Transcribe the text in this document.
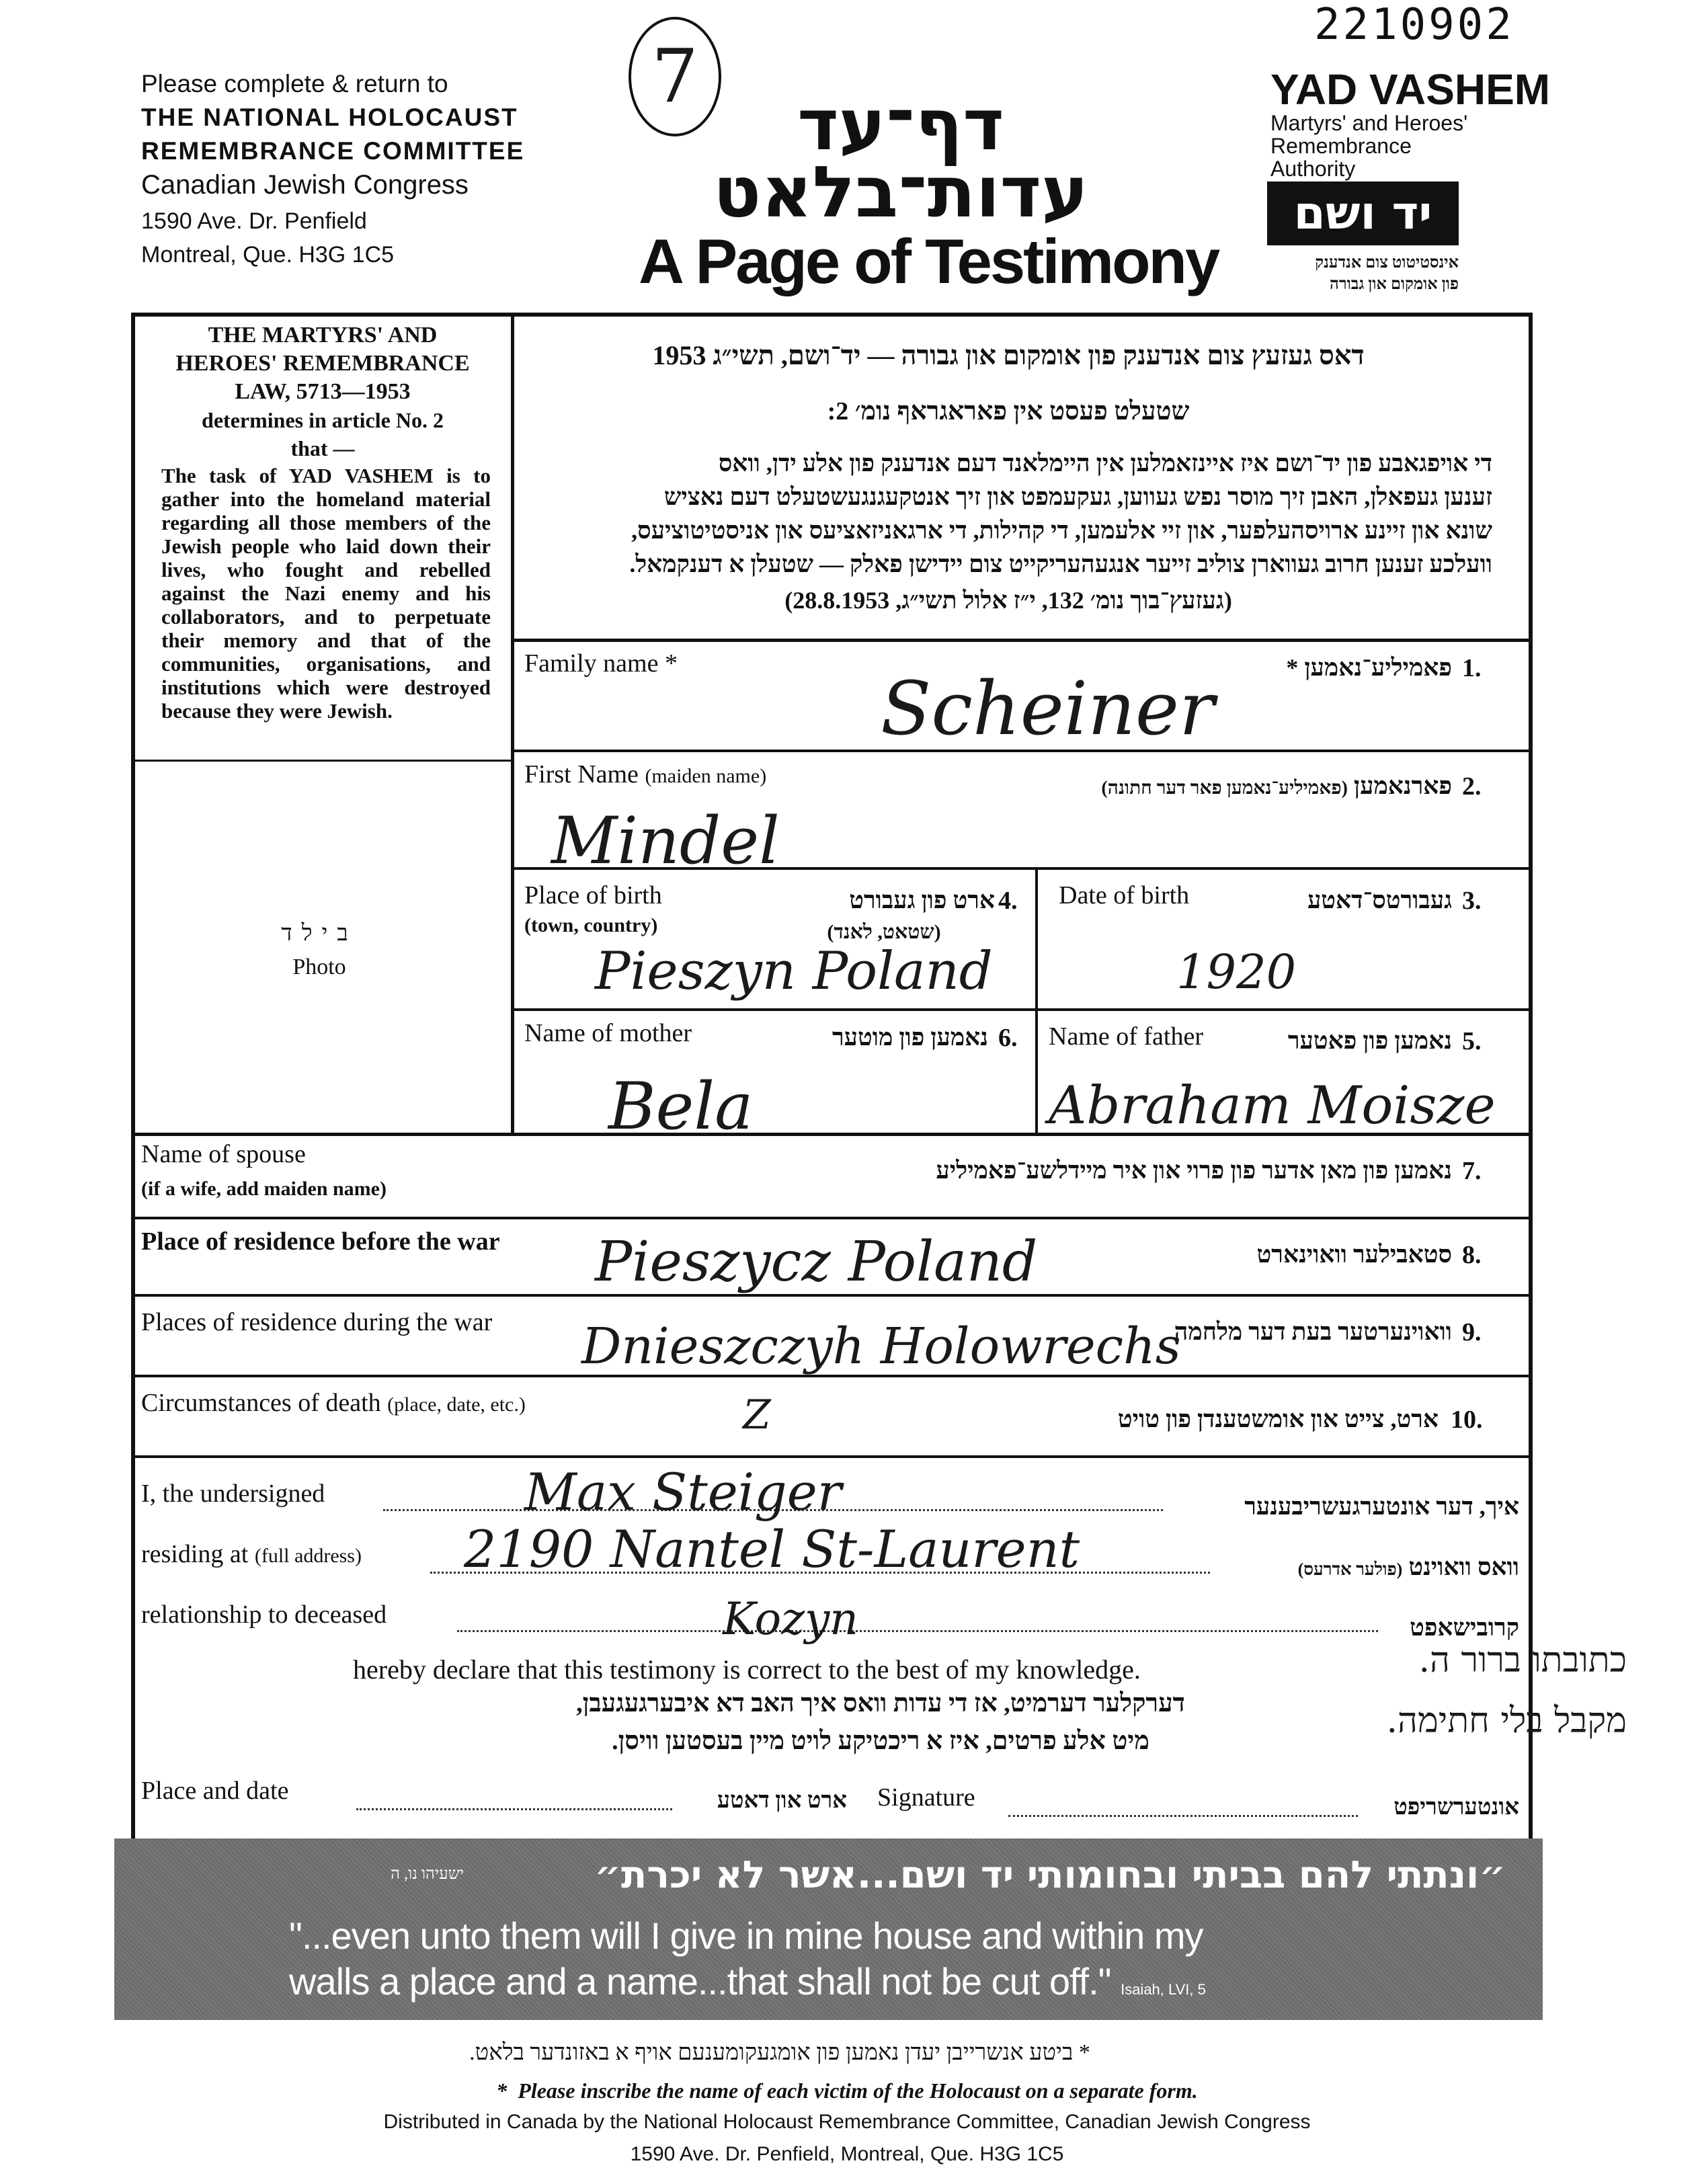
2210902
7
Please complete & return to
THE NATIONAL HOLOCAUST
REMEMBRANCE COMMITTEE
Canadian Jewish Congress
1590 Ave. Dr. Penfield
Montreal, Que. H3G 1C5
דף־עד
עדות־בלאט
A Page of Testimony
YAD VASHEM
Martyrs' and Heroes'
Remembrance
Authority
יד ושם
אינסטיטוט צום אנדענק
פון אומקום און גבורה
THE MARTYRS' AND
HEROES' REMEMBRANCE
LAW, 5713—1953
determines in article No. 2
that —
The task of YAD VASHEM is to gather into the homeland material regarding all those members of the Jewish people who laid down their lives, who fought and rebelled against the Nazi enemy and his collaborators, and to perpetuate their memory and that of the communities, organisations, and institutions which were destroyed because they were Jewish.
בילד
Photo
דאס געזעץ צום אנדענק פון אומקום און גבורה — יד־ושם, תשי״ג 1953
שטעלט פעסט אין פאראגראף נומ׳ 2:
די אויפגאבע פון יד־ושם איז איינזאמלען אין היימלאנד דעם אנדענק פון אלע ידן, וואס
זענען געפאלן, האבן זיך מוסר נפש געווען, געקעמפט און זיך אנטקעגנגעשטעלט דעם נאציש
שונא און זיינע ארויסהעלפער, און זיי אלעמען, די קהילות, די ארגאניזאציעס און אניסטיטוציעס,
וועלכע זענען חרוב געווארן צוליב זייער אנגעהעריקייט צום יידישן פאלק — שטעלן א דענקמאל.
(געזעץ־בוך נומ׳ 132, י״ז אלול תשי״ג, 28.8.1953)
Family name *	פאמיליע־נאמען * 1.
Scheiner
First Name (maiden name)	פארנאמען (פאמיליע־נאמען פאר דער חתונה)	2.
Mindel
Place of birth
(town, country)
ארט פון געבורט
(שטאט, לאנד)
4.
Pieszyn Poland
Date of birth	געבורטס־דאטע 3.
1920
Name of mother	נאמען פון מוטער 6.
Bela
Name of father	נאמען פון פאטער 5.
Abraham Moisze
Name of spouse
(if a wife, add maiden name)
נאמען פון מאן אדער פון פרוי און איר מיידלשע־פאמיליע 7.
Place of residence before the war	סטאבילער וואוינארט 8.
Pieszycz Poland
Places of residence during the war	וואוינערטער בעת דער מלחמה 9.
Dnieszczyh Holowrechs
Circumstances of death (place, date, etc.)
ארט, צייט און אומשטענדן פון טויט 10.
Z
I, the undersigned	Max Steiger	איך, דער אונטערגעשריבענער
residing at (full address) 2190 Nantel St-Laurent	וואס וואוינט (פולער אדרעס)
relationship to deceased	Kozyn	קרובישאפט
hereby declare that this testimony is correct to the best of my knowledge.
דערקלער דערמיט, אז די עדות וואס איך האב דא איבערגעגעבן,
מיט אלע פרטים, איז א ריכטיקע לויט מיין בעסטען וויסן.
כתובתו ברור ה.
מקבל בלי חתימה.
Place and date	ארט און דאטע Signature	אונטערשריפט
״ונתתי להם בביתי ובחומותי יד ושם...אשר לא יכרת״
ישעיהו נו, ה
"...even unto them will I give in mine house and within my
walls a place and a name...that shall not be cut off." Isaiah, LVI, 5
* ביטע אנשרייבן יעדן נאמען פון אומגעקומענעם אויף א באזונדער בלאט.
*  Please inscribe the name of each victim of the Holocaust on a separate form.
Distributed in Canada by the National Holocaust Remembrance Committee, Canadian Jewish Congress
1590 Ave. Dr. Penfield, Montreal, Que. H3G 1C5
